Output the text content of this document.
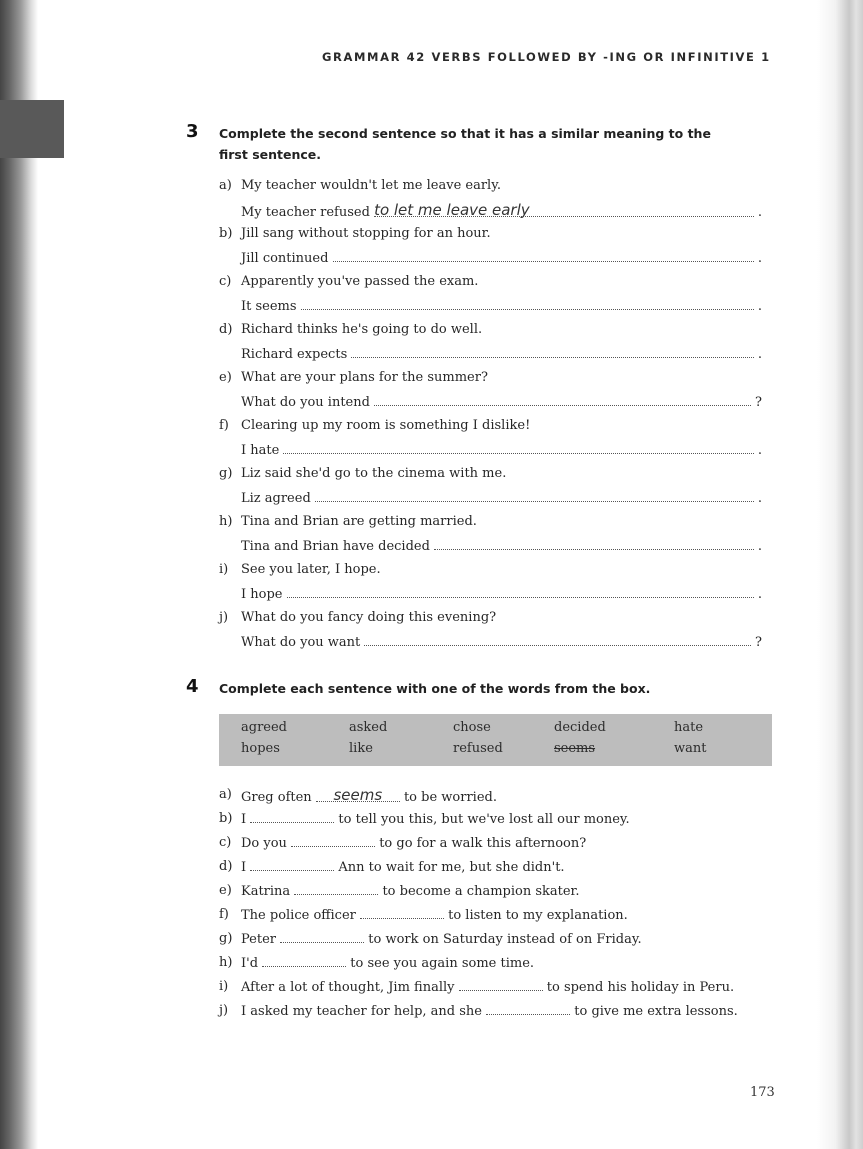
GRAMMAR 42 VERBS FOLLOWED BY -ING OR INFINITIVE 1
3 Complete the second sentence so that it has a similar meaning to the first sentence.
a) My teacher wouldn't let me leave early.
My teacher refused to let me leave early	.
b) Jill sang without stopping for an hour.
Jill continued	.
c) Apparently you've passed the exam.
It seems	.
d) Richard thinks he's going to do well.
Richard expects	.
e) What are your plans for the summer?
What do you intend	?
f) Clearing up my room is something I dislike!
I hate	.
g) Liz said she'd go to the cinema with me.
Liz agreed	.
h) Tina and Brian are getting married.
Tina and Brian have decided	.
i) See you later, I hope.
I hope	.
j) What do you fancy doing this evening?
What do you want	?
4 Complete each sentence with one of the words from the box.
agreed	asked	chose	decided	hate
hopes	like	refused	seems	want
a) Greg often seems to be worried.
b) I	to tell you this, but we've lost all our money.
c) Do you	to go for a walk this afternoon?
d) I	Ann to wait for me, but she didn't.
e) Katrina	to become a champion skater.
f) The police officer	to listen to my explanation.
g) Peter	to work on Saturday instead of on Friday.
h) I'd	to see you again some time.
i) After a lot of thought, Jim finally	to spend his holiday in Peru.
j) I asked my teacher for help, and she	to give me extra lessons.
173
